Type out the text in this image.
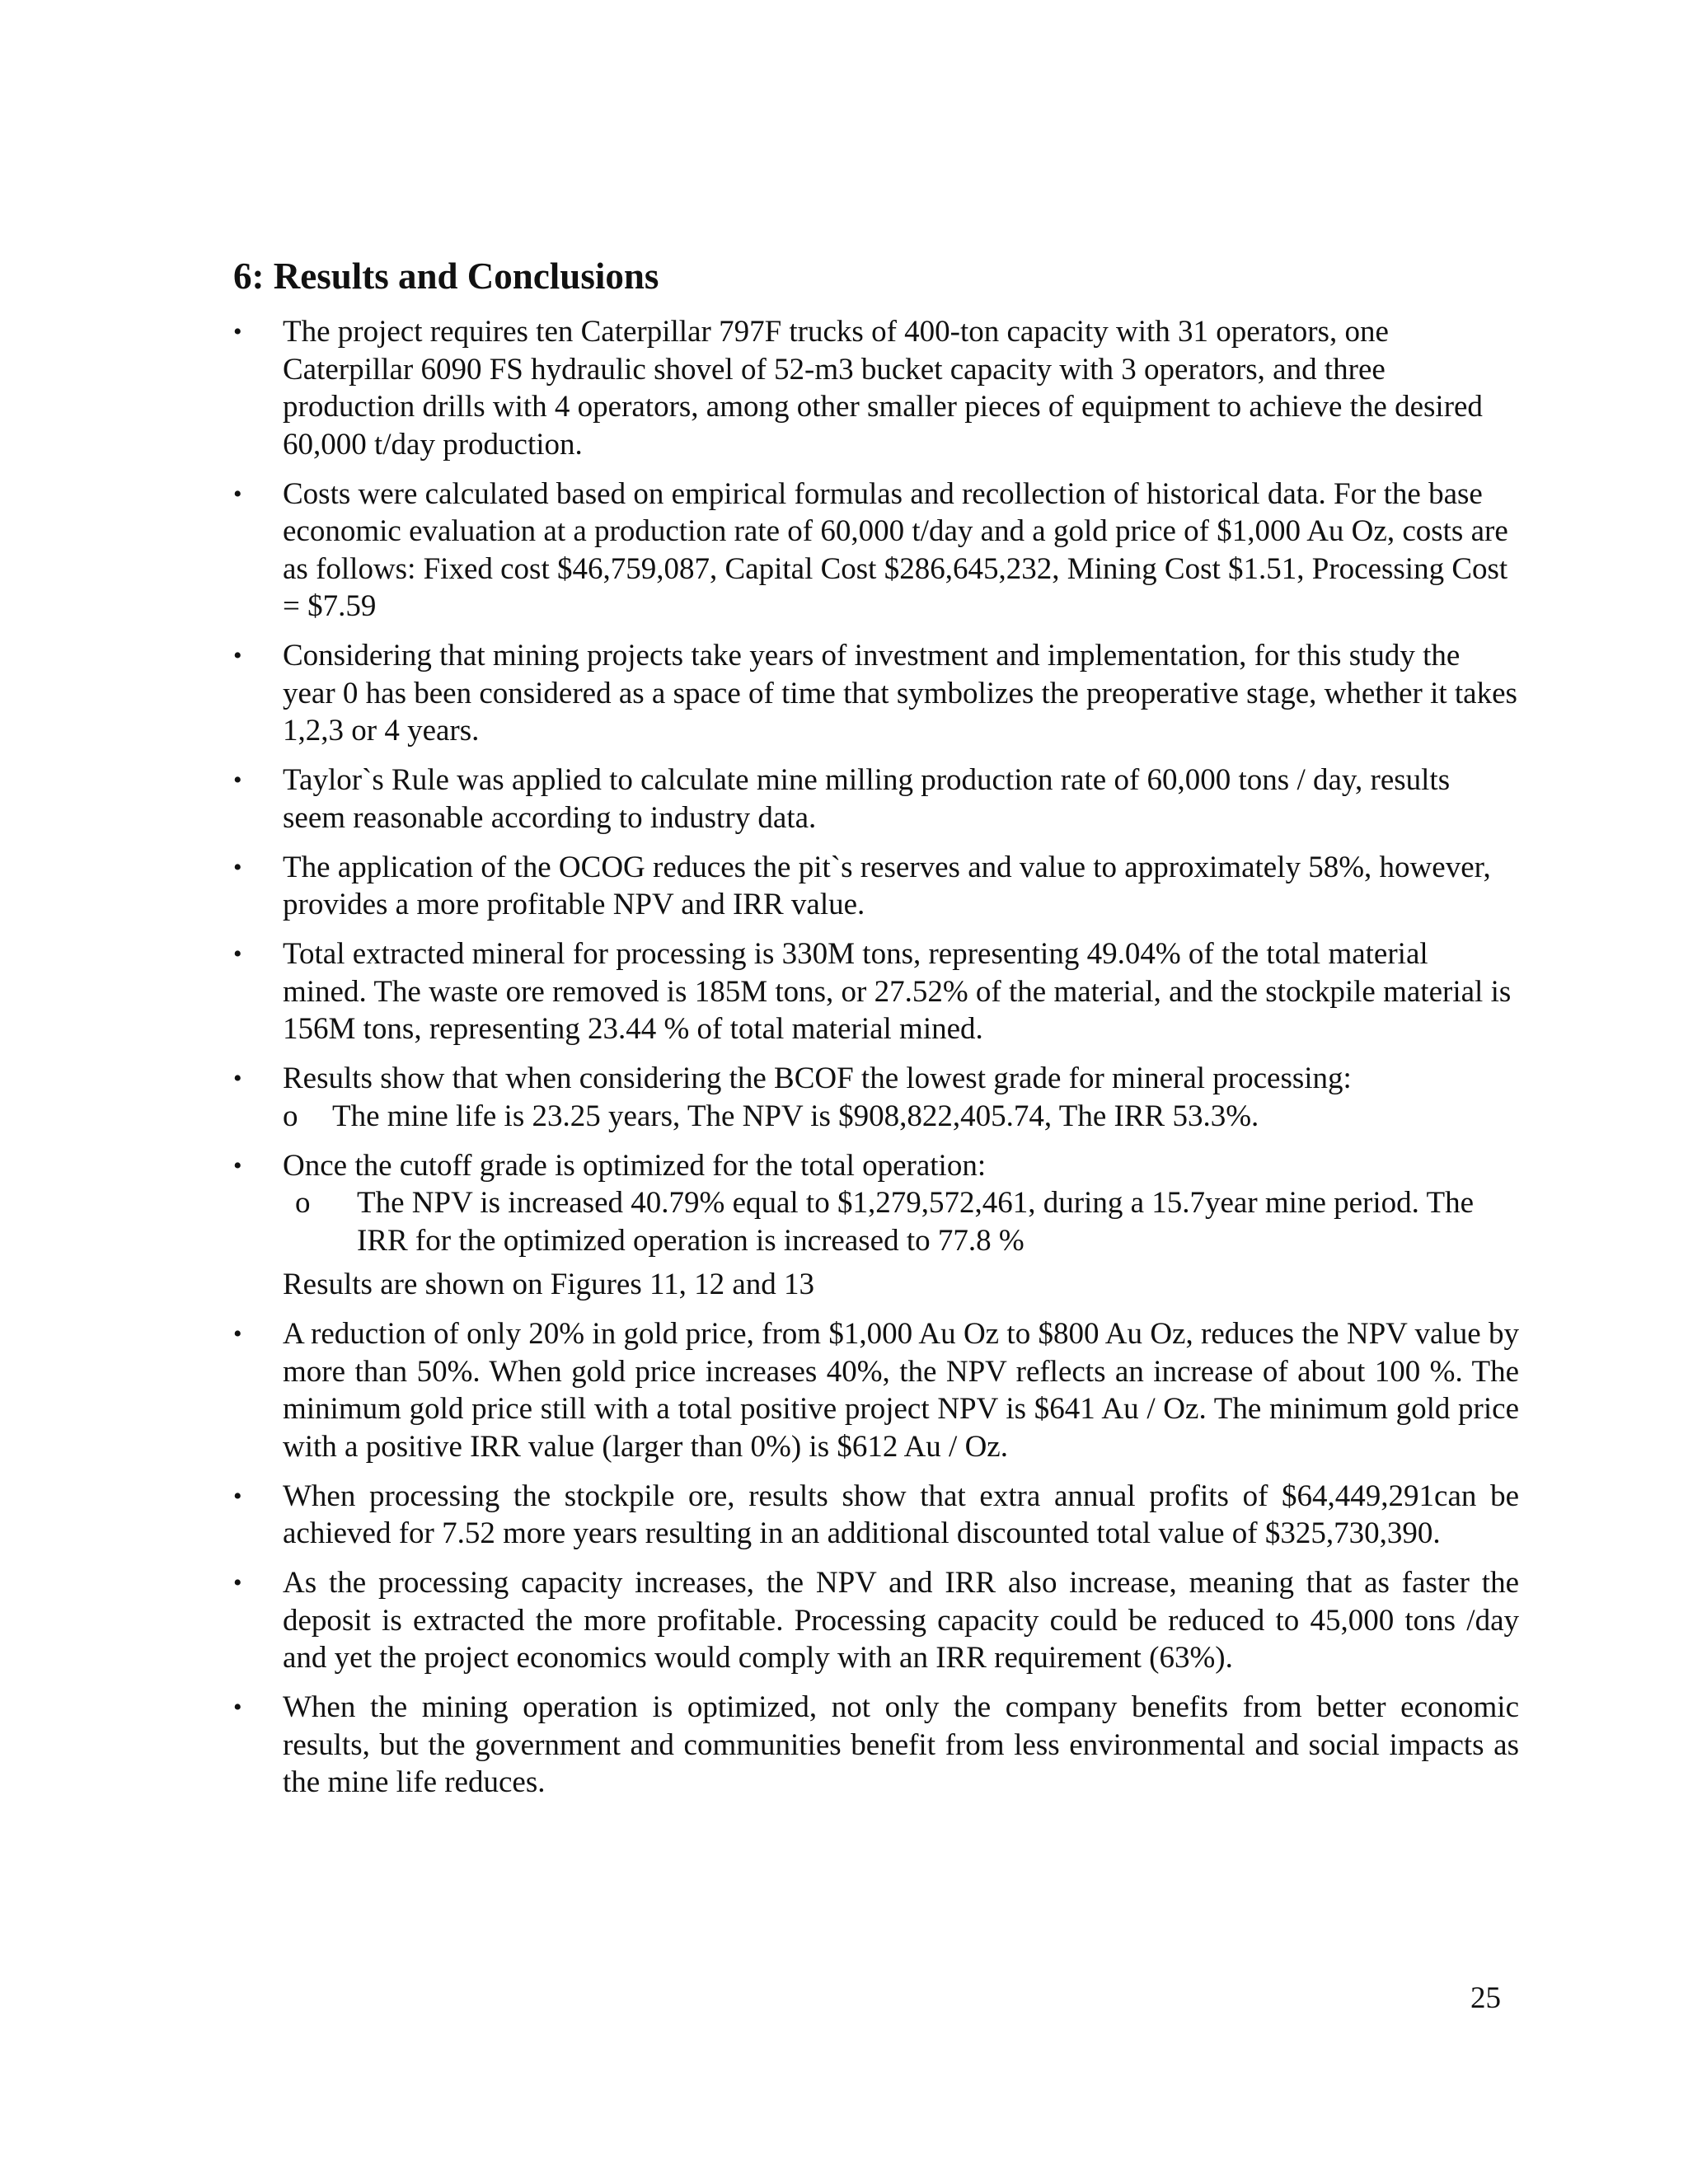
6: Results and Conclusions
•	The project requires ten Caterpillar 797F trucks of 400-ton capacity with 31 operators, one Caterpillar 6090 FS hydraulic shovel of 52-m3 bucket capacity with 3 operators, and three production drills with 4 operators, among other smaller pieces of equipment to achieve the desired 60,000 t/day production.
•	Costs were calculated based on empirical formulas and recollection of historical data. For the base economic evaluation at a production rate of 60,000 t/day and a gold price of $1,000 Au Oz, costs are as follows: Fixed cost $46,759,087, Capital Cost $286,645,232, Mining Cost $1.51, Processing Cost = $7.59
•	Considering that mining projects take years of investment and implementation, for this study the year 0 has been considered as a space of time that symbolizes the preoperative stage, whether it takes 1,2,3 or 4 years.
•	Taylor`s Rule was applied to calculate mine milling production rate of 60,000 tons / day, results seem reasonable according to industry data.
•	The application of the OCOG reduces the pit`s reserves and value to approximately 58%, however, provides a more profitable NPV and IRR value.
•	Total extracted mineral for processing is 330M tons, representing 49.04% of the total material mined. The waste ore removed is 185M tons, or 27.52% of the material, and the stockpile material is 156M tons, representing 23.44 % of total material mined.
•	Results show that when considering the BCOF the lowest grade for mineral processing:
o The mine life is 23.25 years, The NPV is $908,822,405.74, The IRR 53.3%.
•	Once the cutoff grade is optimized for the total operation:
o The NPV is increased 40.79% equal to $1,279,572,461, during a 15.7year mine period. The IRR for the optimized operation is increased to 77.8 %
Results are shown on Figures 11, 12 and 13
•	A reduction of only 20% in gold price, from $1,000 Au Oz to $800 Au Oz, reduces the NPV value by more than 50%. When gold price increases 40%, the NPV reflects an increase of about 100 %. The minimum gold price still with a total positive project NPV is $641 Au / Oz. The minimum gold price with a positive IRR value (larger than 0%) is $612 Au / Oz.
•	When processing the stockpile ore, results show that extra annual profits of $64,449,291can be achieved for 7.52 more years resulting in an additional discounted total value of $325,730,390.
•	As the processing capacity increases, the NPV and IRR also increase, meaning that as faster the deposit is extracted the more profitable. Processing capacity could be reduced to 45,000 tons /day and yet the project economics would comply with an IRR requirement (63%).
•	When the mining operation is optimized, not only the company benefits from better economic results, but the government and communities benefit from less environmental and social impacts as the mine life reduces.
25
